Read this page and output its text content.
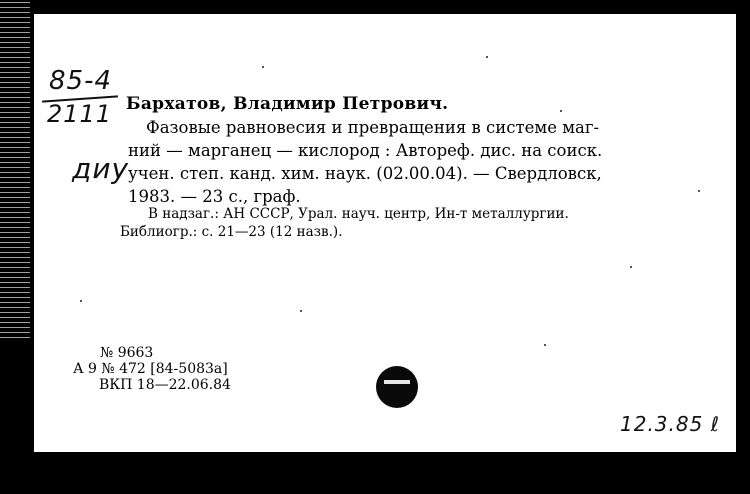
85-4
2111
диу
Бархатов, Владимир Петрович.
Фазовые равновесия и превращения в системе маг-
ний — марганец — кислород : Автореф. дис. на соиск.
учен. степ. канд. хим. наук. (02.00.04). — Свердловск,
1983. — 23 с., граф.
В надзаг.: АН СССР, Урал. науч. центр, Ин-т металлургии.
Библиогр.: с. 21—23 (12 назв.).
№ 9663
А 9 № 472 [84-5083а]
ВКП 18—22.06.84
12.3.85 ℓ
